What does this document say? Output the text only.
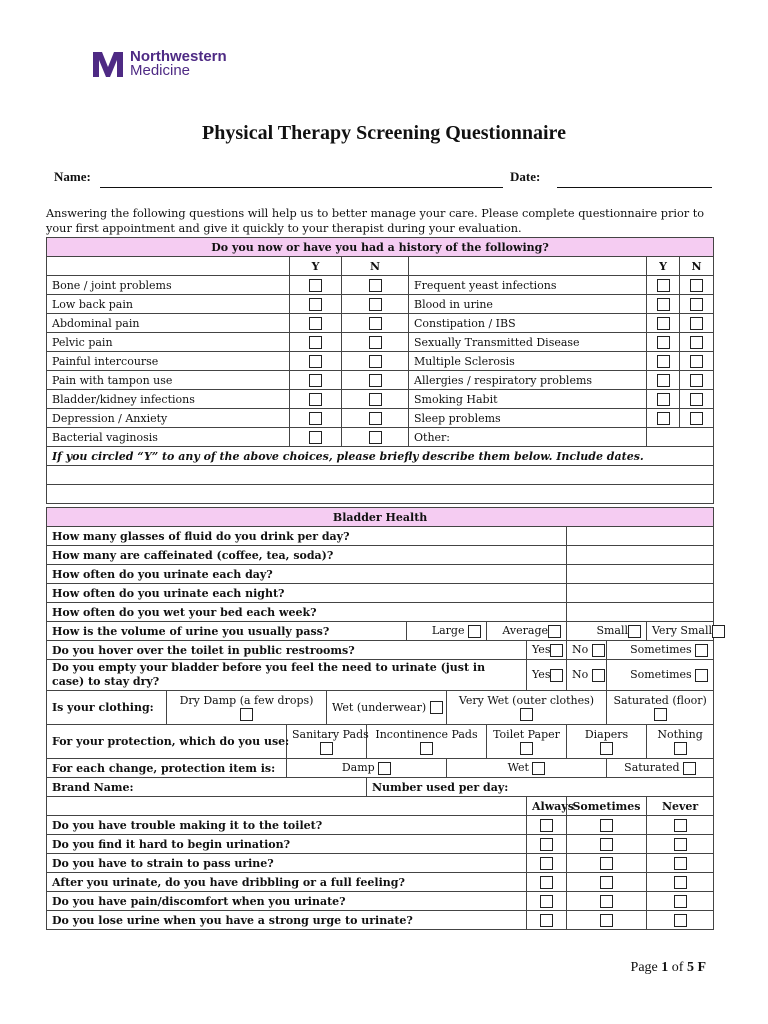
Northwestern
Medicine
Physical Therapy Screening Questionnaire
Name:	Date:
Answering the following questions will help us to better manage your care. Please complete questionnaire prior to your first appointment and give it quickly to your therapist during your evaluation.
Do you now or have you had a history of the following?					
	Y	N		Y	N
Bone / joint problems			Frequent yeast infections		
Low back pain			Blood in urine		
Abdominal pain			Constipation / IBS		
Pelvic pain			Sexually Transmitted Disease		
Painful intercourse			Multiple Sclerosis		
Pain with tampon use			Allergies / respiratory problems		
Bladder/kidney infections			Smoking Habit		
Depression / Anxiety			Sleep problems		
Bacterial vaginosis			Other:		
If you circled “Y” to any of the above choices, please briefly describe them below. Include dates.					

Bladder Health											
How many glasses of fluid do you drink per day?											
How many are caffeinated (coffee, tea, soda)?											
How often do you urinate each day?											
How often do you urinate each night?											
How often do you wet your bed each week?											
How is the volume of urine you usually pass?					Large		Average		Small		Very Small
Do you hover over the toilet in public restrooms?								Yes	No	Sometimes	
Do you empty your bladder before you feel the need to urinate (just in case) to stay dry?								Yes	No	Sometimes	
Is your clothing:	Dry Damp (a few drops)		Wet (underwear)			Very Wet (outer clothes)				Saturated (floor)	

For your protection, which do you use:		Sanitary Pads		Incontinence Pads			Toilet Paper		Diapers		Nothing

For each change, protection item is:		Damp				Wet				Saturated	
Brand Name:				Number used per day:							
								Always	Sometimes		Never
Do you have trouble making it to the toilet?											
Do you find it hard to begin urination?											
Do you have to strain to pass urine?											
After you urinate, do you have dribbling or a full feeling?											
Do you have pain/discomfort when you urinate?											
Do you lose urine when you have a strong urge to urinate?											
Page 1 of 5 F
